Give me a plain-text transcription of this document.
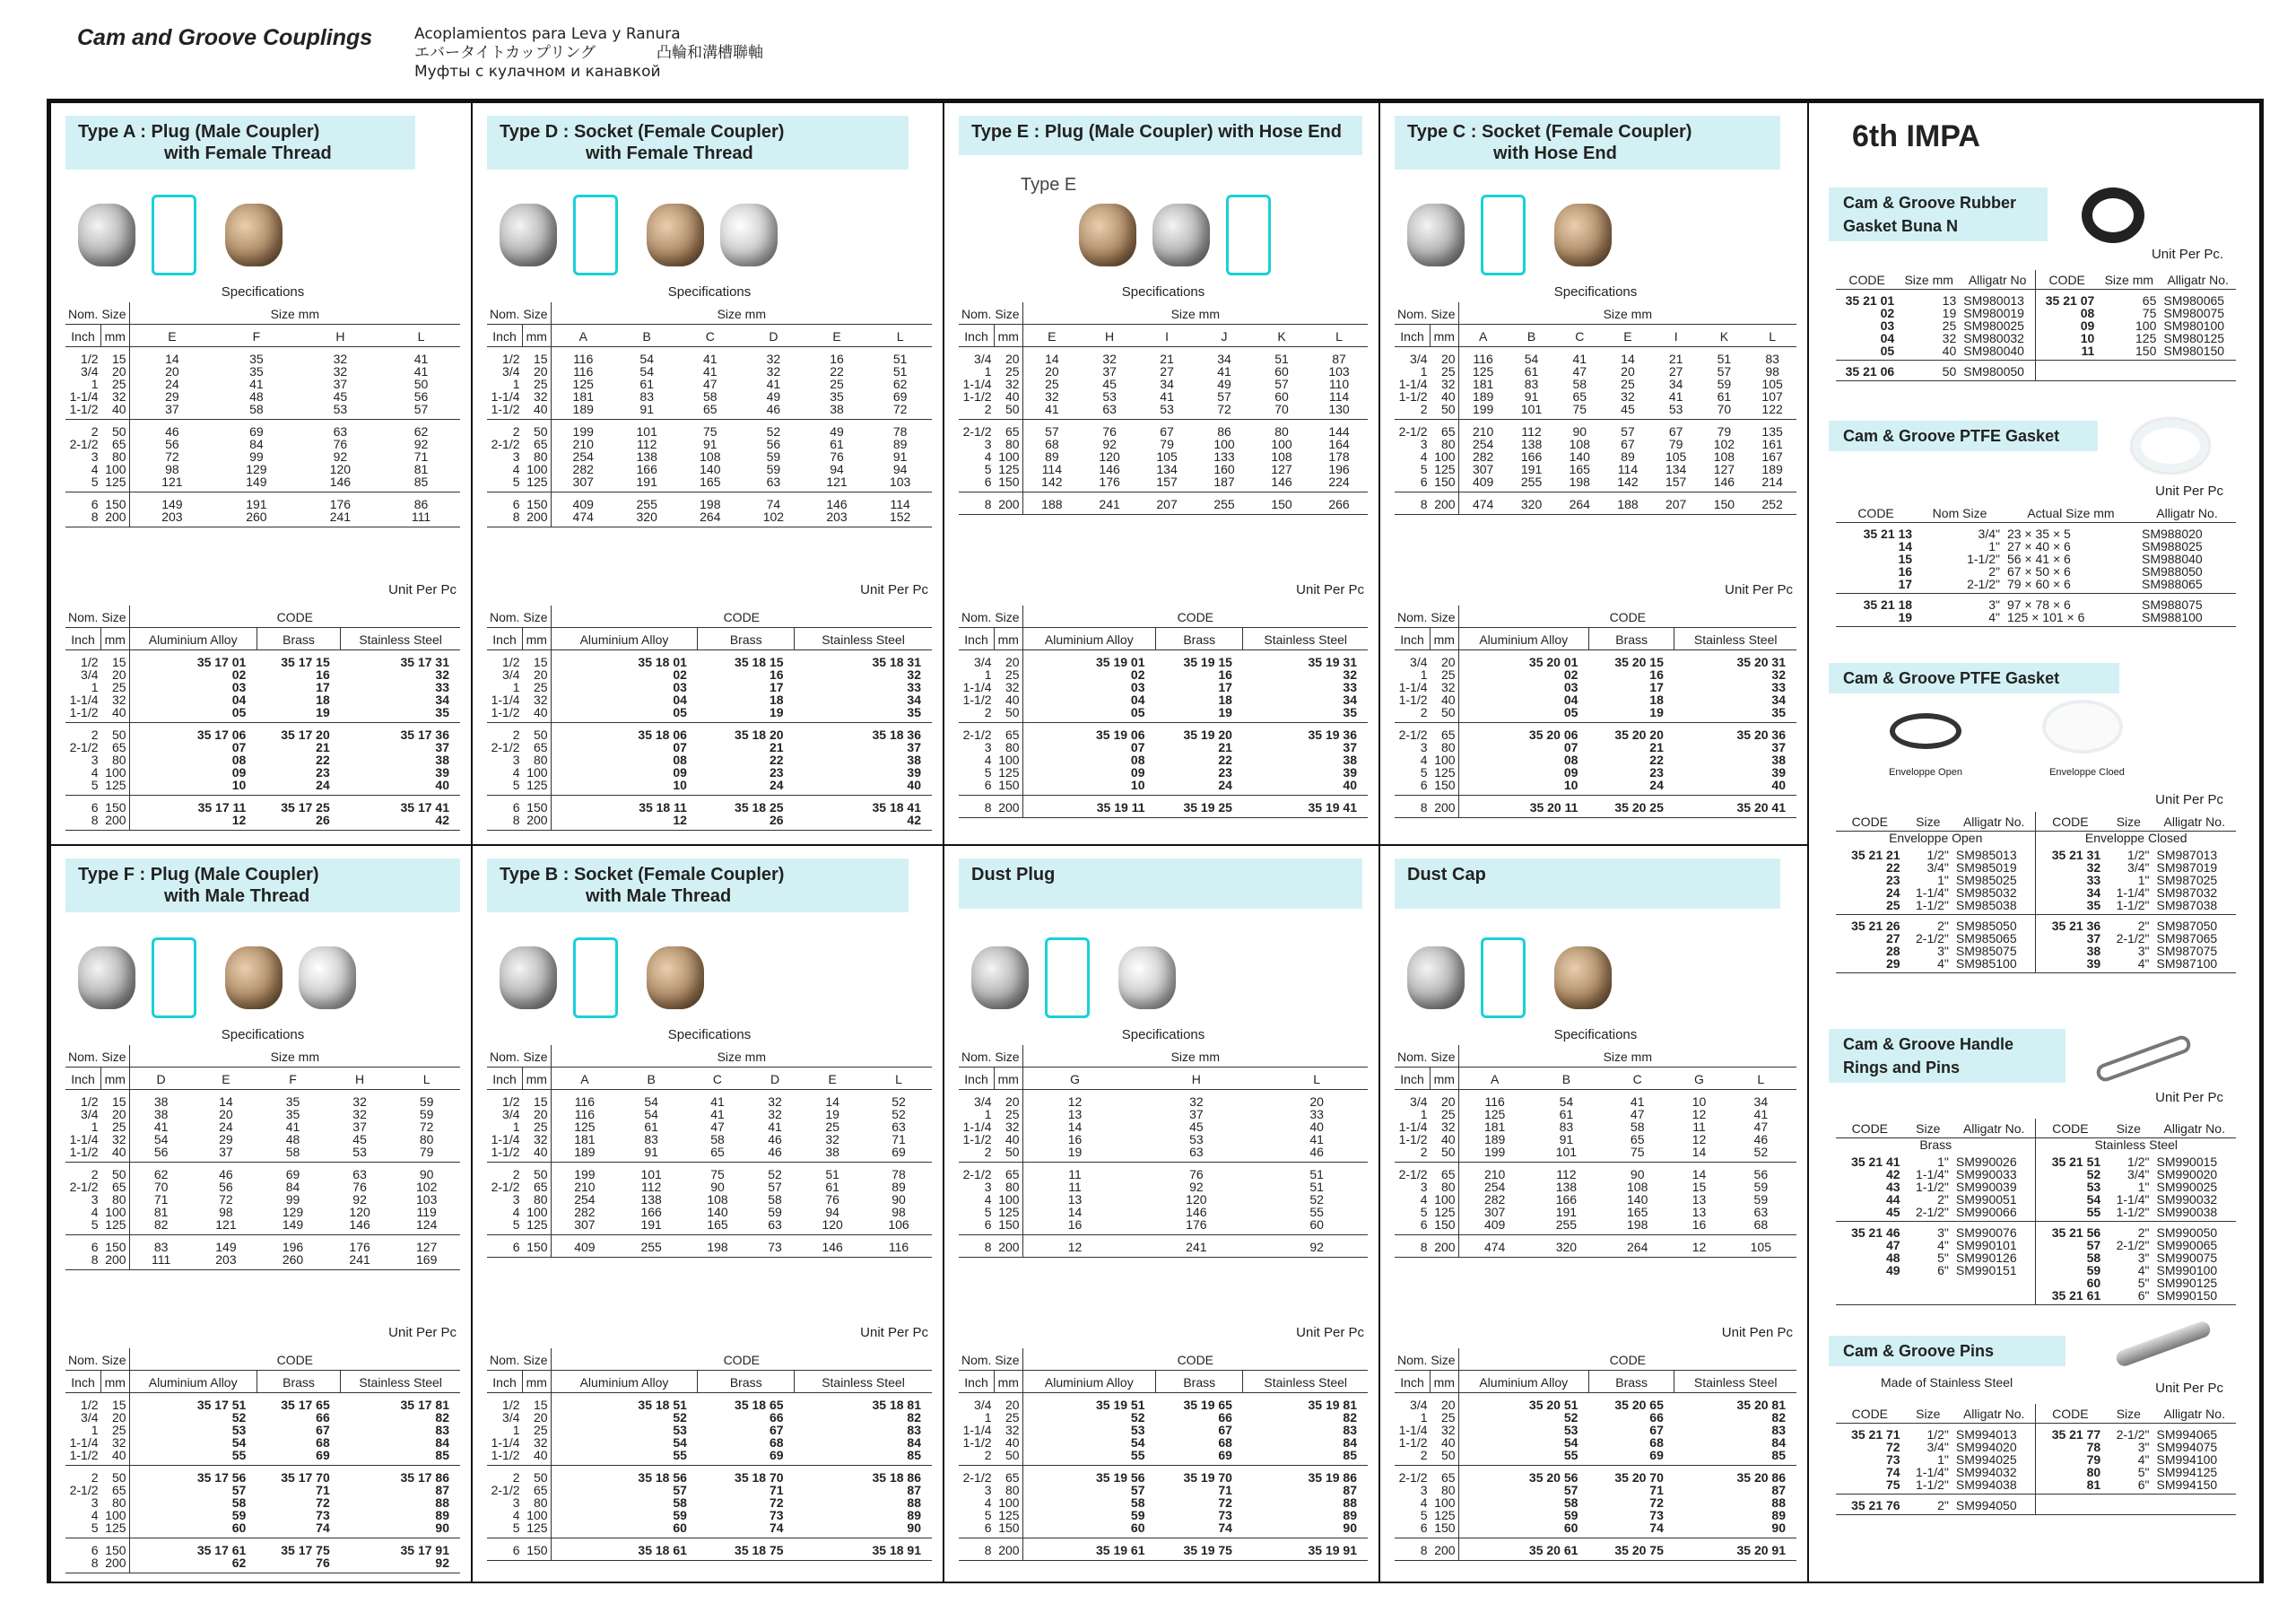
Cam and Groove Couplings	Acoplamientos para Leva y Ranura
エバータイトカップリング　　　　凸輪和溝槽聯軸
Муфты с кулачном и канавкой
Type A : Plug (Male Coupler)
with Female Thread
Specifications
Nom. Size		Size mm			
Inch	mm	E	F	H	L
1/2	15	14	35	32	41
3/4	20	20	35	32	41
1	25	24	41	37	50
1-1/4	32	29	48	45	56
1-1/2	40	37	58	53	57
2	50	46	69	63	62
2-1/2	65	56	84	76	92
3	80	72	99	92	71
4	100	98	129	120	81
5	125	121	149	146	85
6	150	149	191	176	86
8	200	203	260	241	111
Unit Per Pc
Nom. Size		CODE		
Inch	mm	Aluminium Alloy	Brass	Stainless Steel
1/2	15	35 17 01	35 17 15	35 17 31
3/4	20	02	16	32
1	25	03	17	33
1-1/4	32	04	18	34
1-1/2	40	05	19	35
2	50	35 17 06	35 17 20	35 17 36
2-1/2	65	07	21	37
3	80	08	22	38
4	100	09	23	39
5	125	10	24	40
6	150	35 17 11	35 17 25	35 17 41
8	200	12	26	42
Type D : Socket (Female Coupler)
with Female Thread
Specifications
Nom. Size		Size mm					
Inch	mm	A	B	C	D	E	L
1/2	15	116	54	41	32	16	51
3/4	20	116	54	41	32	22	51
1	25	125	61	47	41	25	62
1-1/4	32	181	83	58	49	35	69
1-1/2	40	189	91	65	46	38	72
2	50	199	101	75	52	49	78
2-1/2	65	210	112	91	56	61	89
3	80	254	138	108	59	76	91
4	100	282	166	140	59	94	94
5	125	307	191	165	63	121	103
6	150	409	255	198	74	146	114
8	200	474	320	264	102	203	152
Unit Per Pc
Nom. Size		CODE		
Inch	mm	Aluminium Alloy	Brass	Stainless Steel
1/2	15	35 18 01	35 18 15	35 18 31
3/4	20	02	16	32
1	25	03	17	33
1-1/4	32	04	18	34
1-1/2	40	05	19	35
2	50	35 18 06	35 18 20	35 18 36
2-1/2	65	07	21	37
3	80	08	22	38
4	100	09	23	39
5	125	10	24	40
6	150	35 18 11	35 18 25	35 18 41
8	200	12	26	42
Type E : Plug (Male Coupler) with Hose End
Type E
Specifications
Nom. Size		Size mm					
Inch	mm	E	H	I	J	K	L
3/4	20	14	32	21	34	51	87
1	25	20	37	27	41	60	103
1-1/4	32	25	45	34	49	57	110
1-1/2	40	32	53	41	57	60	114
2	50	41	63	53	72	70	130
2-1/2	65	57	76	67	86	80	144
3	80	68	92	79	100	100	164
4	100	89	120	105	133	108	178
5	125	114	146	134	160	127	196
6	150	142	176	157	187	146	224
8	200	188	241	207	255	150	266
Unit Per Pc
Nom. Size		CODE		
Inch	mm	Aluminium Alloy	Brass	Stainless Steel
3/4	20	35 19 01	35 19 15	35 19 31
1	25	02	16	32
1-1/4	32	03	17	33
1-1/2	40	04	18	34
2	50	05	19	35
2-1/2	65	35 19 06	35 19 20	35 19 36
3	80	07	21	37
4	100	08	22	38
5	125	09	23	39
6	150	10	24	40
8	200	35 19 11	35 19 25	35 19 41
Type C : Socket (Female Coupler)
with Hose End
Specifications
Nom. Size		Size mm						
Inch	mm	A	B	C	E	I	K	L
3/4	20	116	54	41	14	21	51	83
1	25	125	61	47	20	27	57	98
1-1/4	32	181	83	58	25	34	59	105
1-1/2	40	189	91	65	32	41	61	107
2	50	199	101	75	45	53	70	122
2-1/2	65	210	112	90	57	67	79	135
3	80	254	138	108	67	79	102	161
4	100	282	166	140	89	105	108	167
5	125	307	191	165	114	134	127	189
6	150	409	255	198	142	157	146	214
8	200	474	320	264	188	207	150	252
Unit Per Pc
Nom. Size		CODE		
Inch	mm	Aluminium Alloy	Brass	Stainless Steel
3/4	20	35 20 01	35 20 15	35 20 31
1	25	02	16	32
1-1/4	32	03	17	33
1-1/2	40	04	18	34
2	50	05	19	35
2-1/2	65	35 20 06	35 20 20	35 20 36
3	80	07	21	37
4	100	08	22	38
5	125	09	23	39
6	150	10	24	40
8	200	35 20 11	35 20 25	35 20 41
Type F : Plug (Male Coupler)
with Male Thread
Specifications
Nom. Size		Size mm				
Inch	mm	D	E	F	H	L
1/2	15	38	14	35	32	59
3/4	20	38	20	35	32	59
1	25	41	24	41	37	72
1-1/4	32	54	29	48	45	80
1-1/2	40	56	37	58	53	79
2	50	62	46	69	63	90
2-1/2	65	70	56	84	76	102
3	80	71	72	99	92	103
4	100	81	98	129	120	119
5	125	82	121	149	146	124
6	150	83	149	196	176	127
8	200	111	203	260	241	169
Unit Per Pc
Nom. Size		CODE		
Inch	mm	Aluminium Alloy	Brass	Stainless Steel
1/2	15	35 17 51	35 17 65	35 17 81
3/4	20	52	66	82
1	25	53	67	83
1-1/4	32	54	68	84
1-1/2	40	55	69	85
2	50	35 17 56	35 17 70	35 17 86
2-1/2	65	57	71	87
3	80	58	72	88
4	100	59	73	89
5	125	60	74	90
6	150	35 17 61	35 17 75	35 17 91
8	200	62	76	92
Type B : Socket (Female Coupler)
with Male Thread
Specifications
Nom. Size		Size mm					
Inch	mm	A	B	C	D	E	L
1/2	15	116	54	41	32	14	52
3/4	20	116	54	41	32	19	52
1	25	125	61	47	41	25	63
1-1/4	32	181	83	58	46	32	71
1-1/2	40	189	91	65	46	38	69
2	50	199	101	75	52	51	78
2-1/2	65	210	112	90	57	61	89
3	80	254	138	108	58	76	90
4	100	282	166	140	59	94	98
5	125	307	191	165	63	120	106
6	150	409	255	198	73	146	116
Unit Per Pc
Nom. Size		CODE		
Inch	mm	Aluminium Alloy	Brass	Stainless Steel
1/2	15	35 18 51	35 18 65	35 18 81
3/4	20	52	66	82
1	25	53	67	83
1-1/4	32	54	68	84
1-1/2	40	55	69	85
2	50	35 18 56	35 18 70	35 18 86
2-1/2	65	57	71	87
3	80	58	72	88
4	100	59	73	89
5	125	60	74	90
6	150	35 18 61	35 18 75	35 18 91
Dust Plug
Specifications
Nom. Size		Size mm		
Inch	mm	G	H	L
3/4	20	12	32	20
1	25	13	37	33
1-1/4	32	14	45	40
1-1/2	40	16	53	41
2	50	19	63	46
2-1/2	65	11	76	51
3	80	11	92	51
4	100	13	120	52
5	125	14	146	55
6	150	16	176	60
8	200	12	241	92
Unit Per Pc
Nom. Size		CODE		
Inch	mm	Aluminium Alloy	Brass	Stainless Steel
3/4	20	35 19 51	35 19 65	35 19 81
1	25	52	66	82
1-1/4	32	53	67	83
1-1/2	40	54	68	84
2	50	55	69	85
2-1/2	65	35 19 56	35 19 70	35 19 86
3	80	57	71	87
4	100	58	72	88
5	125	59	73	89
6	150	60	74	90
8	200	35 19 61	35 19 75	35 19 91
Dust Cap
Specifications
Nom. Size		Size mm				
Inch	mm	A	B	C	G	L
3/4	20	116	54	41	10	34
1	25	125	61	47	12	41
1-1/4	32	181	83	58	11	47
1-1/2	40	189	91	65	12	46
2	50	199	101	75	14	52
2-1/2	65	210	112	90	14	56
3	80	254	138	108	15	59
4	100	282	166	140	13	59
5	125	307	191	165	13	63
6	150	409	255	198	16	68
8	200	474	320	264	12	105
Unit Pen Pc
Nom. Size		CODE		
Inch	mm	Aluminium Alloy	Brass	Stainless Steel
3/4	20	35 20 51	35 20 65	35 20 81
1	25	52	66	82
1-1/4	32	53	67	83
1-1/2	40	54	68	84
2	50	55	69	85
2-1/2	65	35 20 56	35 20 70	35 20 86
3	80	57	71	87
4	100	58	72	88
5	125	59	73	89
6	150	60	74	90
8	200	35 20 61	35 20 75	35 20 91
6th IMPA
Cam & Groove Rubber
Gasket Buna N
Unit Per Pc.
CODE	Size mm	Alligatr No	CODE	Size mm	Alligatr No.
35 21 01	13	SM980013	35 21 07	65	SM980065
02	19	SM980019	08	75	SM980075
03	25	SM980025	09	100	SM980100
04	32	SM980032	10	125	SM980125
05	40	SM980040	11	150	SM980150
35 21 06	50	SM980050			
Cam & Groove PTFE Gasket
Unit Per Pc
CODE	Nom Size	Actual Size mm	Alligatr No.
35 21 13	3/4"	23 × 35 × 5	SM988020
14	1"	27 × 40 × 6	SM988025
15	1-1/2"	56 × 41 × 6	SM988040
16	2"	67 × 50 × 6	SM988050
17	2-1/2"	79 × 60 × 6	SM988065
35 21 18	3"	97 × 78 × 6	SM988075
19	4"	125 × 101 × 6	SM988100
Cam & Groove PTFE Gasket
Enveloppe Open	Enveloppe Cloed
Unit Per Pc
CODE	Size	Alligatr No.	CODE	Size	Alligatr No.
Enveloppe Open			Enveloppe Closed		
35 21 21	1/2"	SM985013	35 21 31	1/2"	SM987013
22	3/4"	SM985019	32	3/4"	SM987019
23	1"	SM985025	33	1"	SM987025
24	1-1/4"	SM985032	34	1-1/4"	SM987032
25	1-1/2"	SM985038	35	1-1/2"	SM987038
35 21 26	2"	SM985050	35 21 36	2"	SM987050
27	2-1/2"	SM985065	37	2-1/2"	SM987065
28	3"	SM985075	38	3"	SM987075
29	4"	SM985100	39	4"	SM987100
Cam & Groove Handle
Rings and Pins
Unit Per Pc
CODE	Size	Alligatr No.	CODE	Size	Alligatr No.
Brass			Stainless Steel		
35 21 41	1"	SM990026	35 21 51	1/2"	SM990015
42	1-1/4"	SM990033	52	3/4"	SM990020
43	1-1/2"	SM990039	53	1"	SM990025
44	2"	SM990051	54	1-1/4"	SM990032
45	2-1/2"	SM990066	55	1-1/2"	SM990038
35 21 46	3"	SM990076	35 21 56	2"	SM990050
47	4"	SM990101	57	2-1/2"	SM990065
48	5"	SM990126	58	3"	SM990075
49	6"	SM990151	59	4"	SM990100
			60	5"	SM990125
			35 21 61	6"	SM990150
Cam & Groove Pins
Made of Stainless Steel	Unit Per Pc
CODE	Size	Alligatr No.	CODE	Size	Alligatr No.
35 21 71	1/2"	SM994013	35 21 77	2-1/2"	SM994065
72	3/4"	SM994020	78	3"	SM994075
73	1"	SM994025	79	4"	SM994100
74	1-1/4"	SM994032	80	5"	SM994125
75	1-1/2"	SM994038	81	6"	SM994150
35 21 76	2"	SM994050			
